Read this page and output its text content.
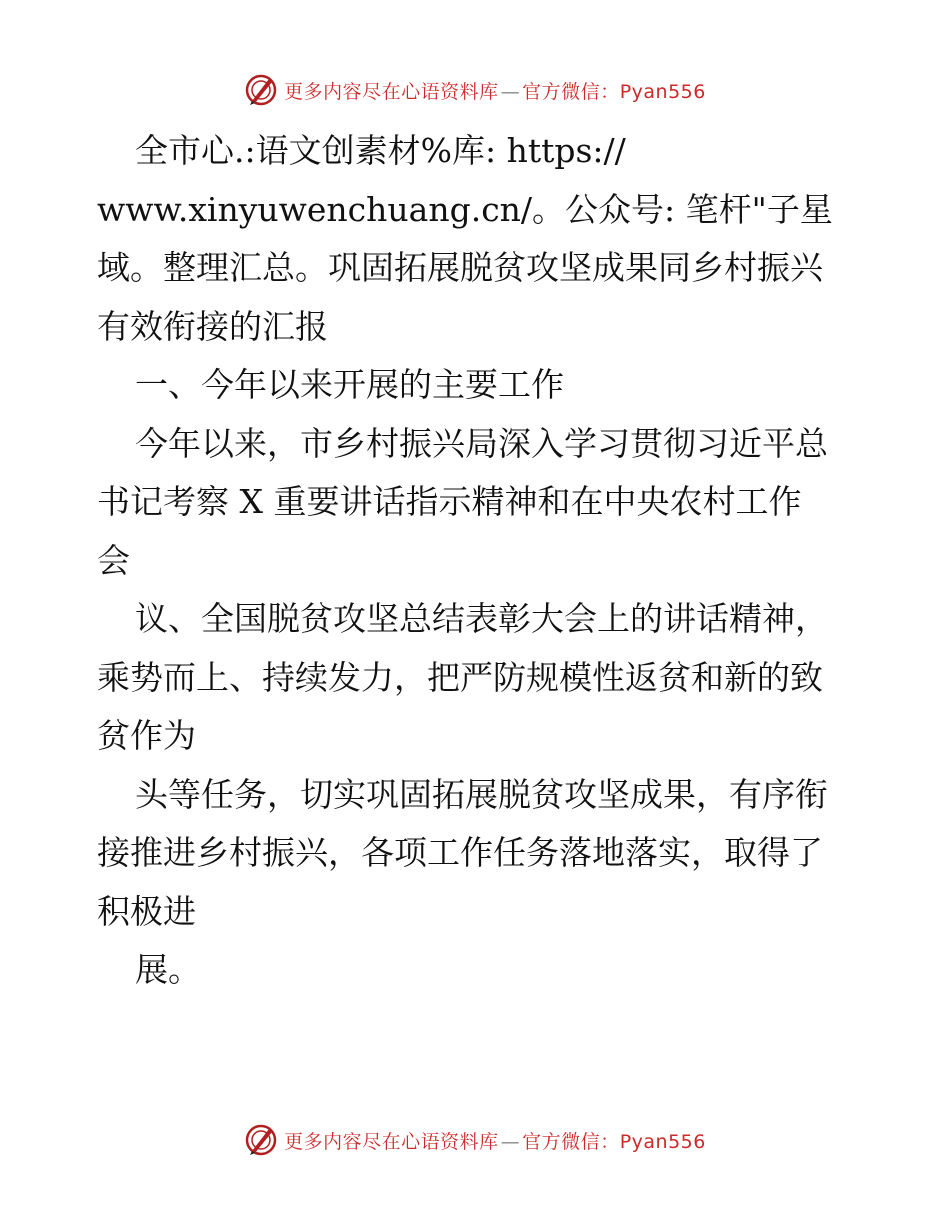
更多内容尽在心语资料库 — 官方微信：Pyan556
全市心.:语文创素材%库: https://
www.xinyuwenchuang.cn/。公众号: 笔杆"子星
域。整理汇总。巩固拓展脱贫攻坚成果同乡村振兴
有效衔接的汇报
一、今年以来开展的主要工作
今年以来，市乡村振兴局深入学习贯彻习近平总
书记考察 X 重要讲话指示精神和在中央农村工作
会
议、全国脱贫攻坚总结表彰大会上的讲话精神，
乘势而上、持续发力，把严防规模性返贫和新的致
贫作为
头等任务，切实巩固拓展脱贫攻坚成果，有序衔
接推进乡村振兴，各项工作任务落地落实，取得了
积极进
展。
更多内容尽在心语资料库 — 官方微信：Pyan556
